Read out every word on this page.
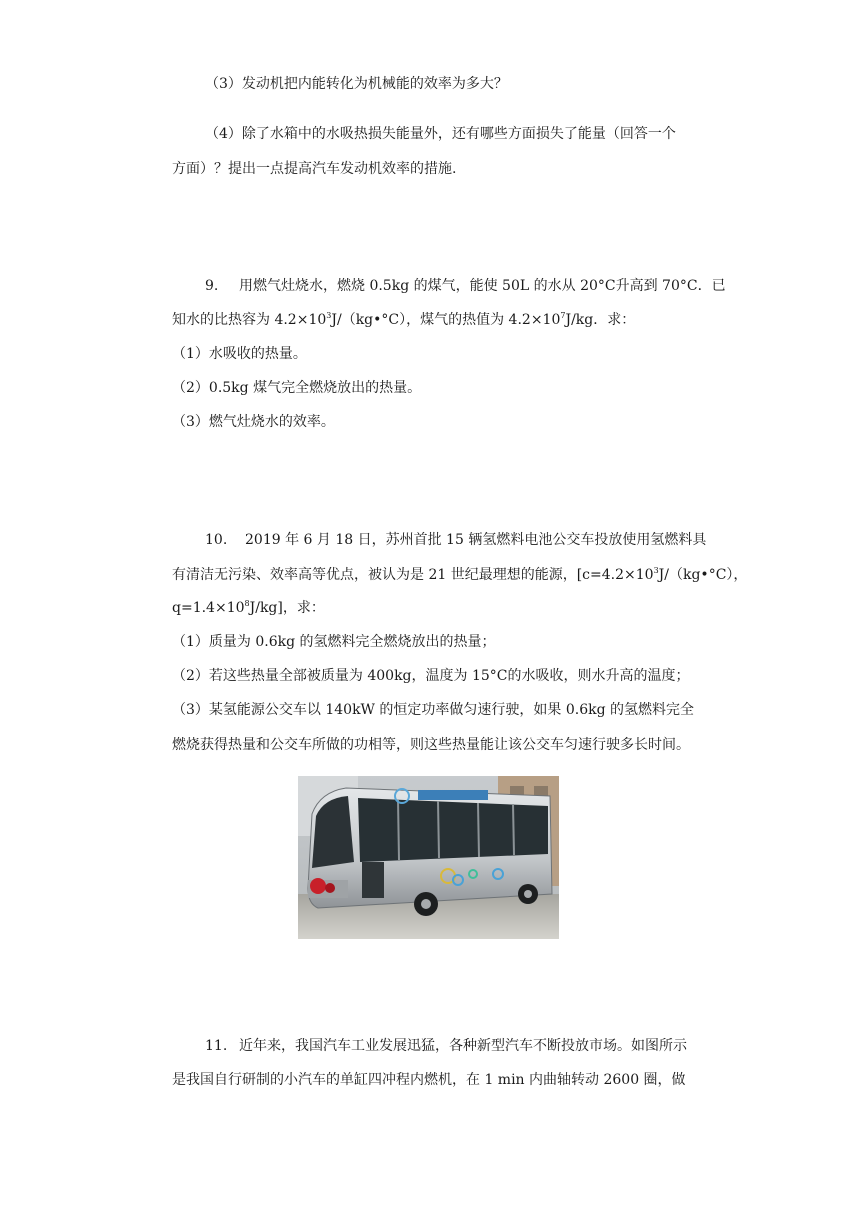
（3）发动机把内能转化为机械能的效率为多大？
（4）除了水箱中的水吸热损失能量外，还有哪些方面损失了能量（回答一个
方面）？提出一点提高汽车发动机效率的措施.
9. 用燃气灶烧水，燃烧 0.5kg 的煤气，能使 50L 的水从 20°C升高到 70°C．已
知水的比热容为 $4.2\times 10^3J/(kg•^\circ C)$，煤气的热值为 $4.2\times 10^7J/kg$．求：
（1）水吸收的热量。
（2）0.5kg 煤气完全燃烧放出的热量。
（3）燃气灶烧水的效率。
10. 2019 年 6 月 18 日，苏州首批 15 辆氢燃料电池公交车投放使用氢燃料具
有清洁无污染、效率高等优点，被认为是 21 世纪最理想的能源，[$c=4.2\times 10^3J/(kg•^\circ C)$，
$q=1.4\times 10^8J/kg$]，求：
（1）质量为 0.6kg 的氢燃料完全燃烧放出的热量；
（2）若这些热量全部被质量为 400kg，温度为 15°C的水吸收，则水升高的温度；
（3）某氢能源公交车以 140kW 的恒定功率做匀速行驶，如果 0.6kg 的氢燃料完全
燃烧获得热量和公交车所做的功相等，则这些热量能让该公交车匀速行驶多长时间。
11. 近年来，我国汽车工业发展迅猛，各种新型汽车不断投放市场。如图所示
是我国自行研制的小汽车的单缸四冲程内燃机，在 1 min 内曲轴转动 2600 圈，做
